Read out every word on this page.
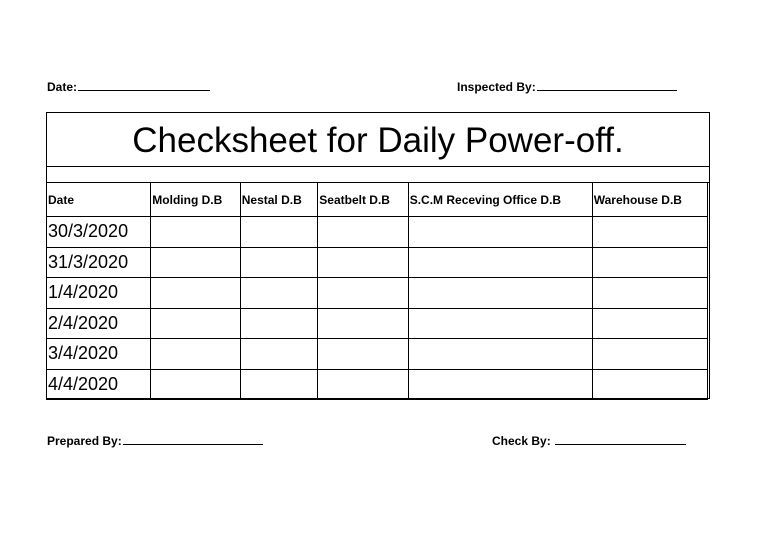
Date:	Inspected By:
Checksheet for Daily Power-off.
Date	Molding D.B	Nestal D.B	Seatbelt D.B	S.C.M Receving Office D.B	Warehouse D.B
30/3/2020					
31/3/2020					
1/4/2020					
2/4/2020					
3/4/2020					
4/4/2020					
Prepared By:	Check By:
